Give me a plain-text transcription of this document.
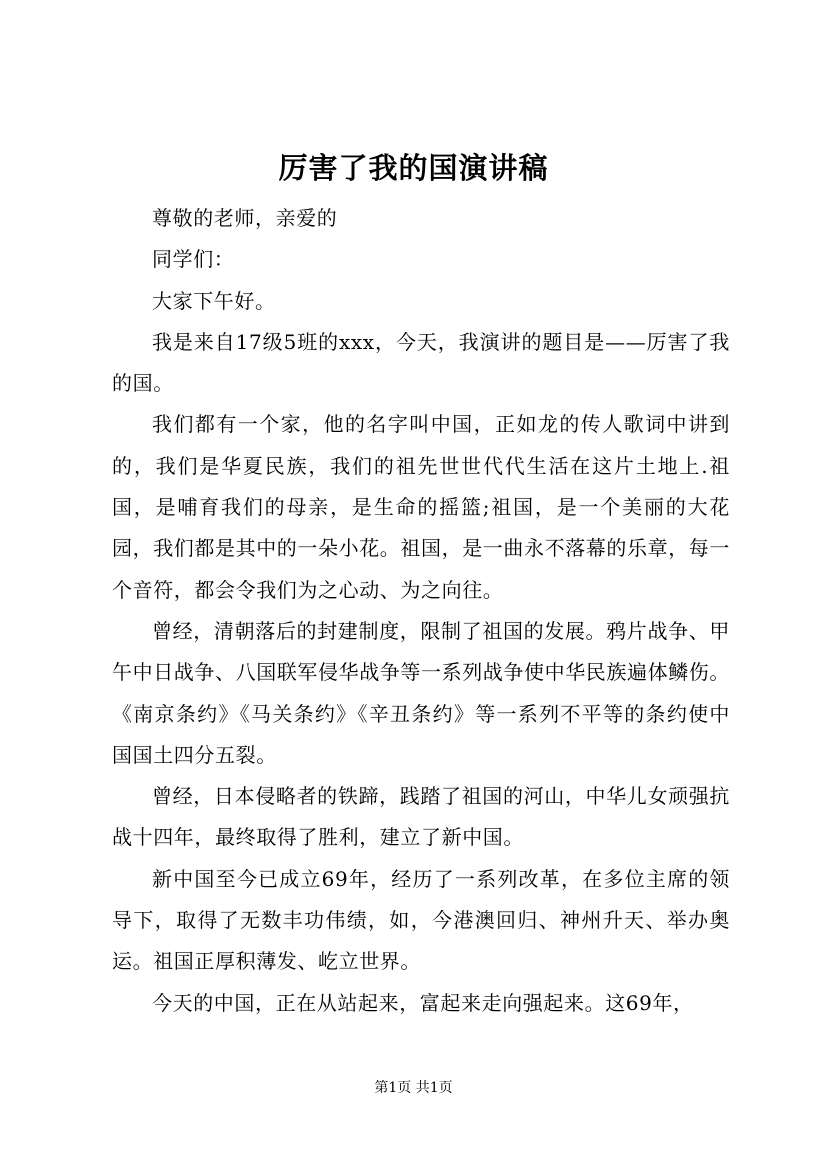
厉害了我的国演讲稿

尊敬的老师，亲爱的

同学们：

大家下午好。

我是来自17级5班的xxx，今天，我演讲的题目是——厉害了我的国。

我们都有一个家，他的名字叫中国，正如龙的传人歌词中讲到的，我们是华夏民族，我们的祖先世世代代生活在这片土地上.祖国，是哺育我们的母亲，是生命的摇篮;祖国，是一个美丽的大花园，我们都是其中的一朵小花。祖国，是一曲永不落幕的乐章，每一个音符，都会令我们为之心动、为之向往。

曾经，清朝落后的封建制度，限制了祖国的发展。鸦片战争、甲午中日战争、八国联军侵华战争等一系列战争使中华民族遍体鳞伤。《南京条约》《马关条约》《辛丑条约》等一系列不平等的条约使中国国土四分五裂。

曾经，日本侵略者的铁蹄，践踏了祖国的河山，中华儿女顽强抗战十四年，最终取得了胜利，建立了新中国。

新中国至今已成立69年，经历了一系列改革，在多位主席的领导下，取得了无数丰功伟绩，如，今港澳回归、神州升天、举办奥运。祖国正厚积薄发、屹立世界。

今天的中国，正在从站起来，富起来走向强起来。这69年，

第1页 共1页
